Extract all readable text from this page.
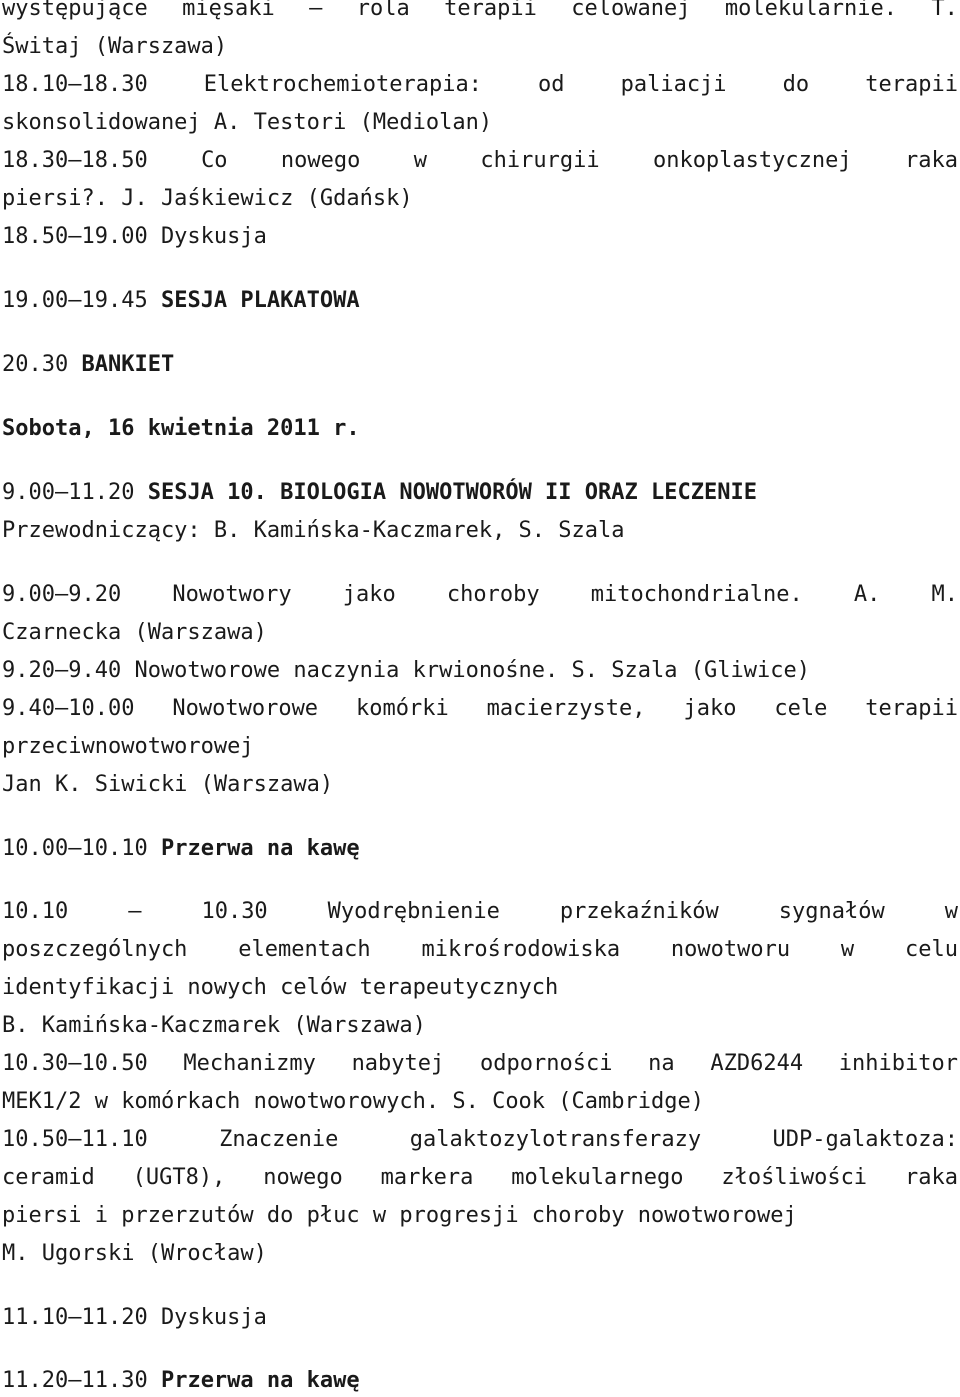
występujące mięsaki – rola terapii celowanej molekularnie. T.
Świtaj (Warszawa)
18.10–18.30	Elektrochemioterapia:	od	paliacji	do	terapii
skonsolidowanej A. Testori (Mediolan)
18.30–18.50 Co nowego w chirurgii onkoplastycznej raka
piersi?. J. Jaśkiewicz (Gdańsk)
18.50–19.00 Dyskusja
19.00–19.45 SESJA PLAKATOWA
20.30 BANKIET
Sobota, 16 kwietnia 2011 r.
9.00–11.20 SESJA 10. BIOLOGIA NOWOTWORÓW II ORAZ LECZENIE
Przewodniczący: B. Kamińska-Kaczmarek, S. Szala
9.00–9.20 Nowotwory jako choroby mitochondrialne. A. M.
Czarnecka (Warszawa)
9.20–9.40 Nowotworowe naczynia krwionośne. S. Szala (Gliwice)
9.40–10.00 Nowotworowe komórki macierzyste, jako cele terapii
przeciwnowotworowej
Jan K. Siwicki (Warszawa)
10.00–10.10 Przerwa na kawę
10.10	–	10.30	Wyodrębnienie	przekaźników	sygnałów	w
poszczególnych elementach mikrośrodowiska nowotworu w celu
identyfikacji nowych celów terapeutycznych
B. Kamińska-Kaczmarek (Warszawa)
10.30–10.50 Mechanizmy nabytej odporności na AZD6244 inhibitor
MEK1/2 w komórkach nowotworowych. S. Cook (Cambridge)
10.50–11.10	Znaczenie	galaktozylotransferazy	UDP-galaktoza:
ceramid (UGT8), nowego markera molekularnego złośliwości raka
piersi i przerzutów do płuc w progresji choroby nowotworowej
M. Ugorski (Wrocław)
11.10–11.20 Dyskusja
11.20–11.30 Przerwa na kawę
